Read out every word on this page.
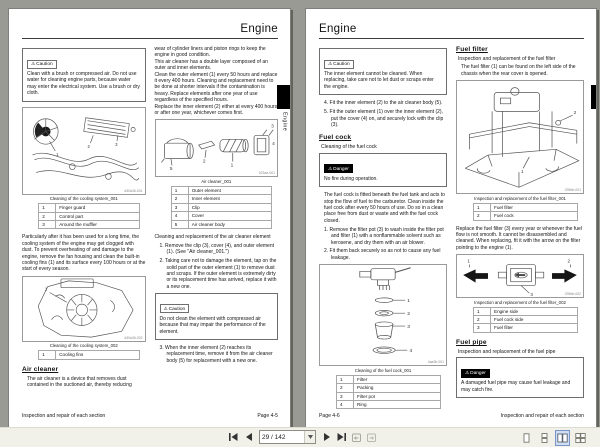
Engine
⚠Caution
Clean with a brush or compressed air. Do not use water for cleaning engine parts, because water may enter the electrical system. Use a brush or dry cloth.
1
2	3
d30a36-001
Cleaning of the cooling system_001
1	Finger guard
2	Control part
3	Around the muffler
Particularly after it has been used for a long time, the cooling system of the engine may get clogged with dust. To prevent overheating of and damage to the engine, remove the fan housing and clean the built-in cooling fins (1) and its surface every 100 hours or at the start of every season.
1
d30a36-002
Cleaning of the cooling system_002
1	Cooling fins
Air cleaner
The air cleaner is a device that removes dust contained in the suctioned air, thereby reducing
wear of cylinder liners and piston rings to keep the engine in good condition.
This air cleaner has a double layer composed of an outer and inner elements.
Clean the outer element (1) every 50 hours and replace it every 400 hours. Cleaning and replacement need to be done at shorter intervals if the contamination is heavy. Replace elements after one year of use regardless of the specified hours.
Replace the inner element (2) either at every 400 hours or after one year, whichever comes first.
3
4
1
2
5
023ae-001
Air cleaner_001
1	Outer element
2	Inner element
3	Clip
4	Cover
5	Air cleaner body
Cleaning and replacement of the air cleaner element
1. Remove the clip (3), cover (4), and outer element (1). (See "Air cleaner_001.")
2. Taking care not to damage the element, tap on the solid part of the outer element (1) to remove dust and scraps. If the outer element is extremely dirty or its replacement time has arrived, replace it with a new one.
⚠Caution
Do not clean the element with compressed air because that may impair the performance of the element.
3. When the inner element (2) reaches its replacement time, remove it from the air cleaner body (5) for replacement with a new one.
Engine
Inspection and repair of each section	Page 4-5
Engine
⚠Caution
The inner element cannot be cleaned. When replacing, take care not to let dust or scraps enter the engine.
4. Fit the inner element (2) to the air cleaner body (5).
5. Fit the outer element (1) over the inner element (2), put the cover (4) on, and securely lock with the clip (3).
Fuel cock
Cleaning of the fuel cock
⚠Danger
No fire during operation.
The fuel cock is fitted beneath the fuel tank and acts to stop the flow of fuel to the carburetor. Clean inside the fuel cock after every 50 hours of use. Do so in a clean place free from dust or waste and with the fuel cock closed.
1. Remove the filter pot (3) to wash inside the filter pot and filter (1) with a nonflammable solvent such as kerosene, and dry them with an air blower.
2. Fit them back securely so as not to cause any fuel leakage.
1
2
3
4
4aa3b-001
Cleaning of the fuel cock_001
1	Filter
2	Packing
3	Filter pot
4	Ring
Fuel filter
Inspection and replacement of the fuel filter
The fuel filter (1) can be found on the left side of the chassis when the rear cover is opened.
2
1
039bb-001
Inspection and replacement of the fuel filter_001
1	Fuel filter
2	Fuel cock
Replace the fuel filter (3) every year or whenever the fuel flow is not smooth. It cannot be disassembled and cleaned. When replacing, fit it with the arrow on the filter pointing to the engine (1).
1	2
3	039bb-002
Inspection and replacement of the fuel filter_002
1	Engine side
2	Fuel cock side
3	Fuel filter
Fuel pipe
Inspection and replacement of the fuel pipe
⚠Danger
A damaged fuel pipe may cause fuel leakage and may catch fire.
Page 4-6	Inspection and repair of each section
29 / 142
